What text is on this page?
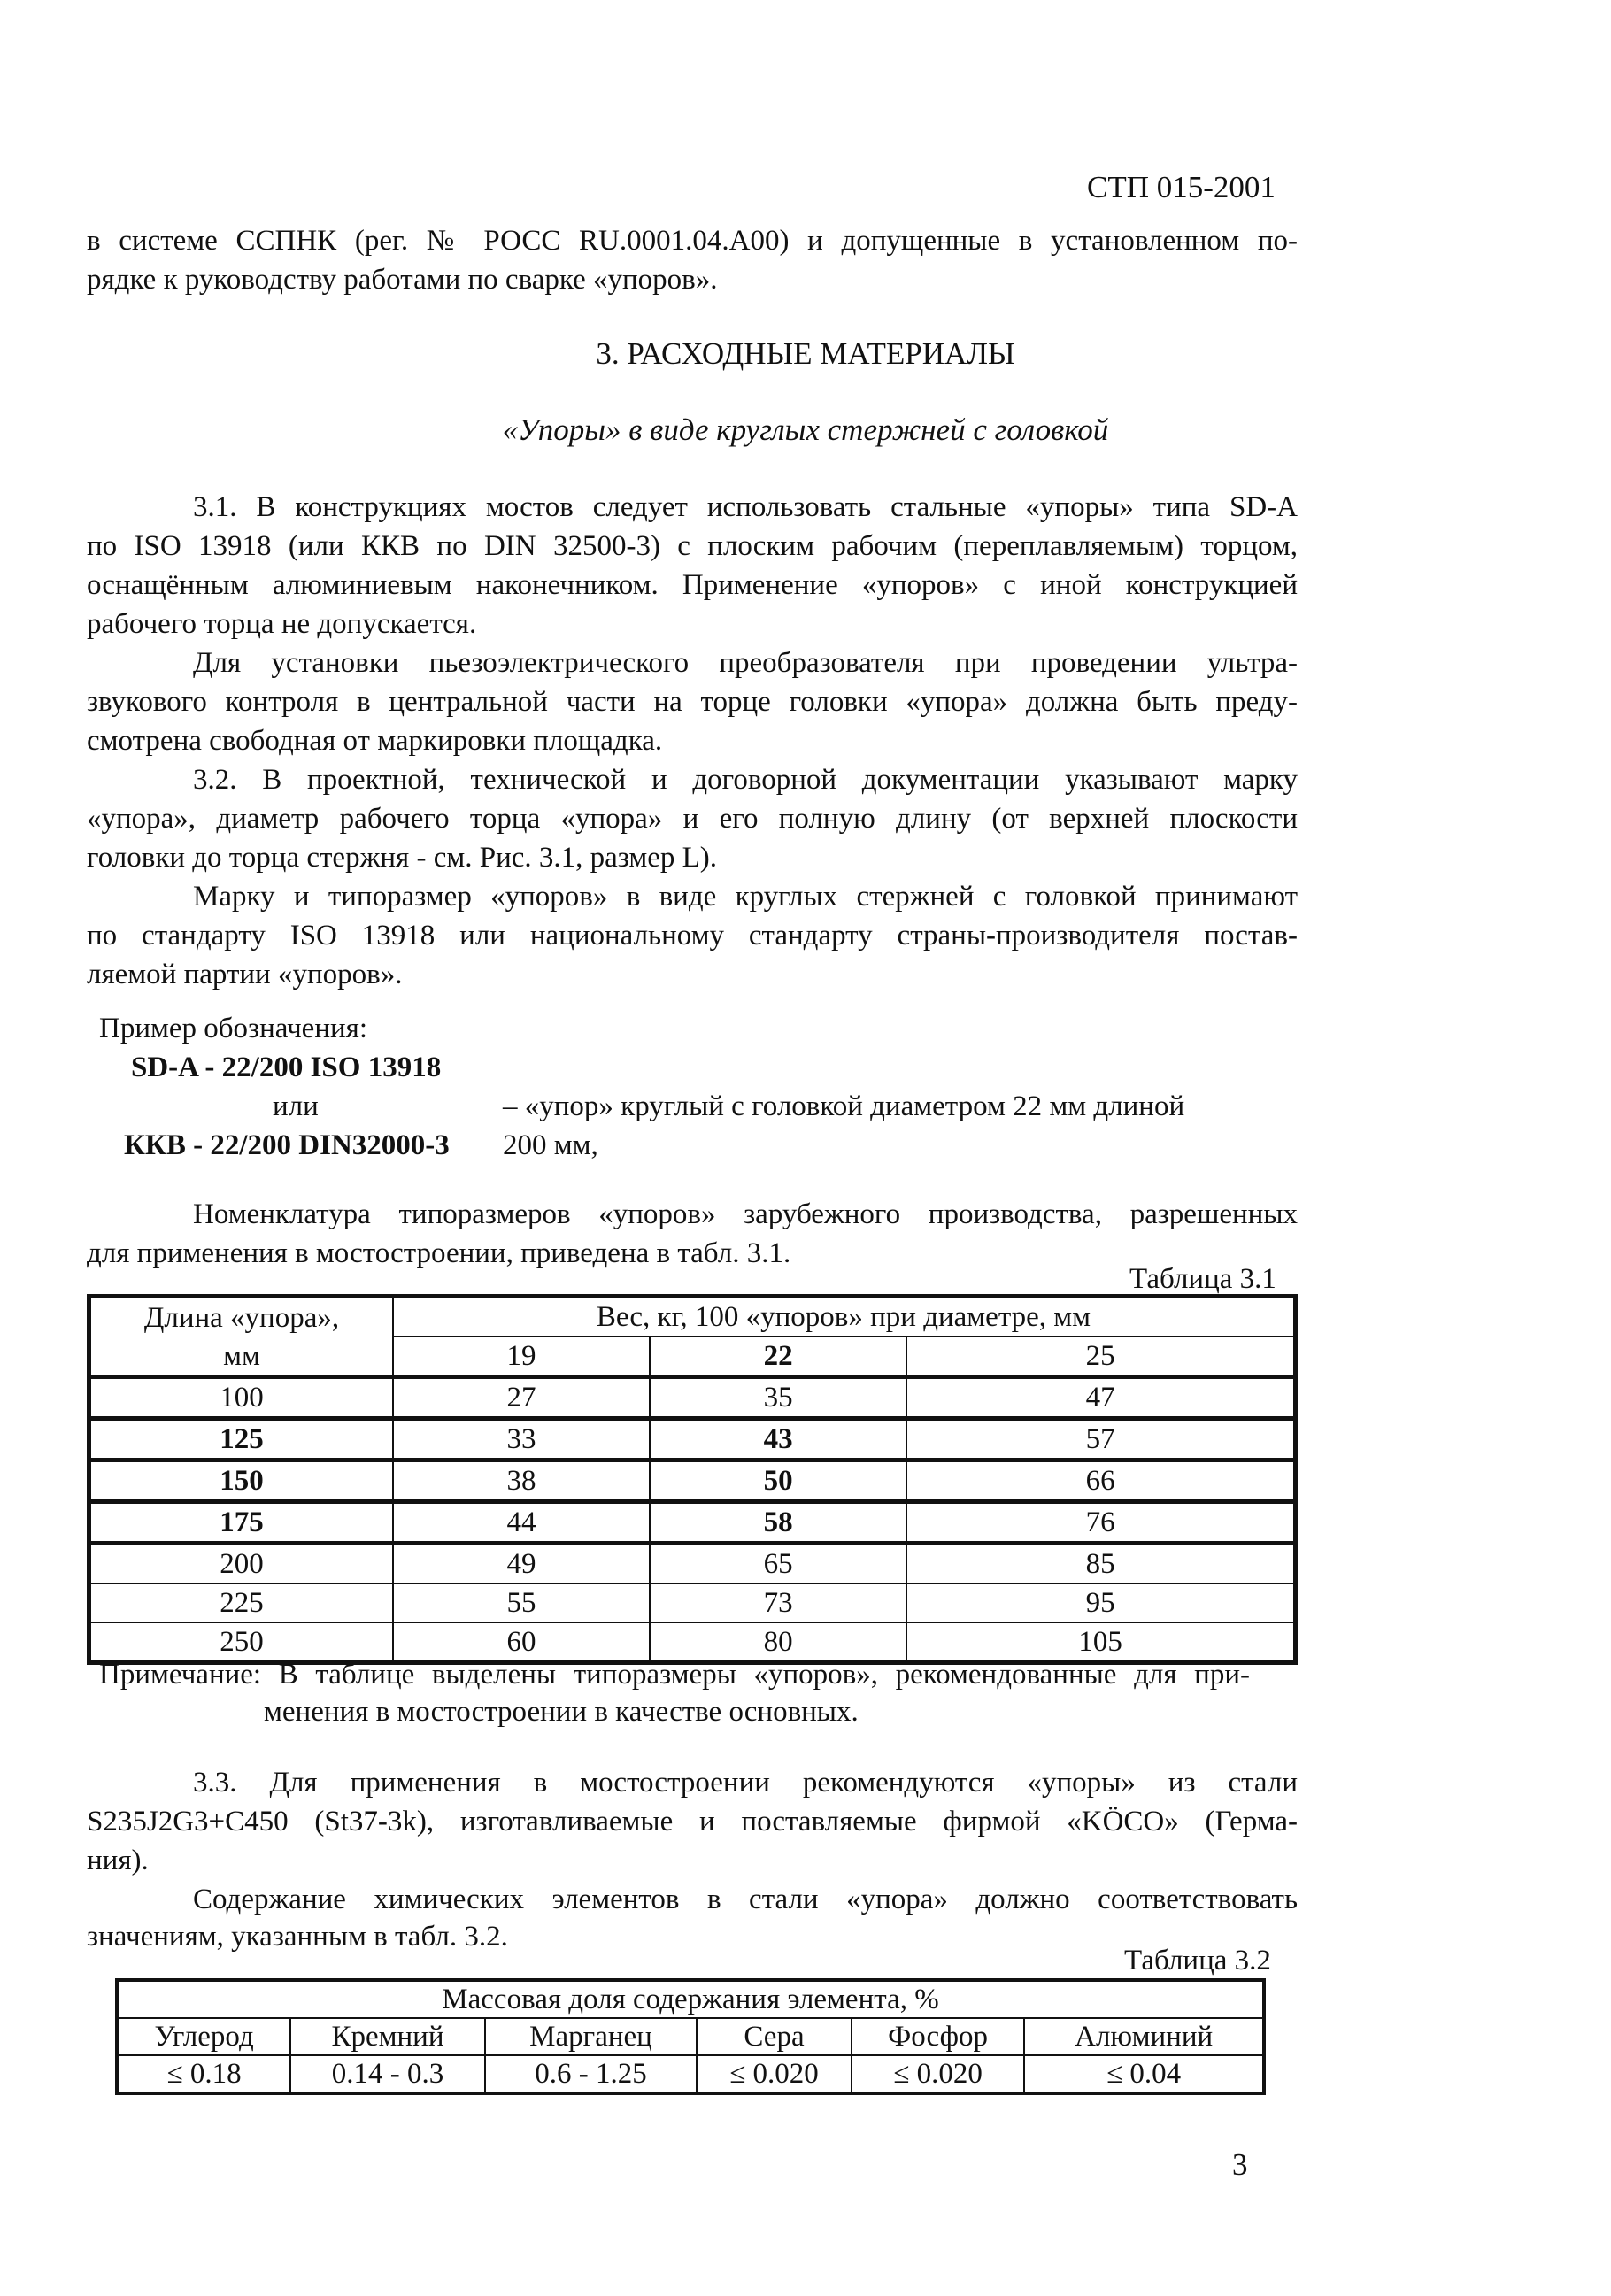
СТП 015-2001
в системе ССПНК (рег. № РОСС RU.0001.04.А00) и допущенные в установленном по-
рядке к руководству работами по сварке «упоров».
3. РАСХОДНЫЕ МАТЕРИАЛЫ
«Упоры» в виде круглых стержней с головкой
3.1. В конструкциях мостов следует использовать стальные «упоры» типа SD-A
по ISO 13918 (или ККВ по DIN 32500-3) с плоским рабочим (переплавляемым) торцом,
оснащённым алюминиевым наконечником. Применение «упоров» с иной конструкцией
рабочего торца не допускается.
Для установки пьезоэлектрического преобразователя при проведении ультра-
звукового контроля в центральной части на торце головки «упора» должна быть преду-
смотрена свободная от маркировки площадка.
3.2. В проектной, технической и договорной документации указывают марку
«упора», диаметр рабочего торца «упора» и его полную длину (от верхней плоскости
головки до торца стержня - см. Рис. 3.1, размер L).
Марку и типоразмер «упоров» в виде круглых стержней с головкой принимают
по стандарту ISO 13918 или национальному стандарту страны-производителя постав-
ляемой партии «упоров».
Пример обозначения:
SD-A - 22/200 ISO 13918
или	– «упор» круглый с головкой диаметром 22 мм длиной
ККВ - 22/200 DIN32000-3 200 мм,
Номенклатура типоразмеров «упоров» зарубежного производства, разрешенных
для применения в мостостроении, приведена в табл. 3.1.
Таблица 3.1
Длина «упора»,	Вес, кг, 100 «упоров» при диаметре, мм		
мм	19	22	25
100	27	35	47
125	33	43	57
150	38	50	66
175	44	58	76
200	49	65	85
225	55	73	95
250	60	80	105
Примечание: В таблице выделены типоразмеры «упоров», рекомендованные для при-
менения в мостостроении в качестве основных.
3.3. Для применения в мостостроении рекомендуются «упоры» из стали
S235J2G3+C450 (St37-3k), изготавливаемые и поставляемые фирмой «KÖCO» (Герма-
ния).
Содержание химических элементов в стали «упора» должно соответствовать
значениям, указанным в табл. 3.2.
Таблица 3.2
Массовая доля содержания элемента, %					
Углерод	Кремний	Марганец	Сера	Фосфор	Алюминий
≤ 0.18	0.14 - 0.3	0.6 - 1.25	≤ 0.020	≤ 0.020	≤ 0.04
3
